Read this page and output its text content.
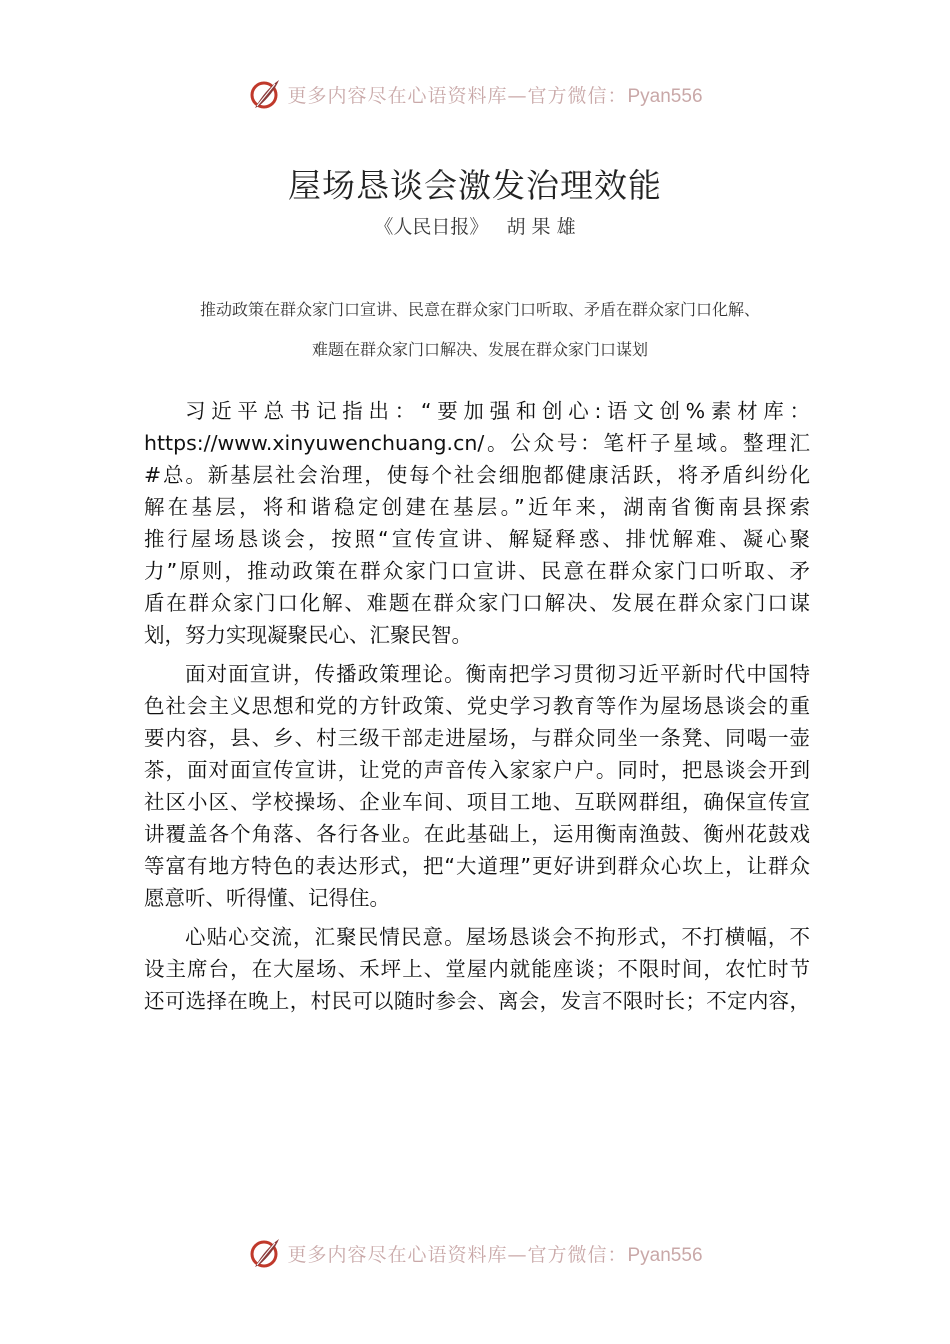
更多内容尽在心语资料库—官方微信：Pyan556
屋场恳谈会激发治理效能
《人民日报》   胡 果 雄
推动政策在群众家门口宣讲、民意在群众家门口听取、矛盾在群众家门口化解、
难题在群众家门口解决、发展在群众家门口谋划
习近平总书记指出：“要加强和创心:语文创%素材库：
https://www.xinyuwenchuang.cn/。公众号：笔杆子星域。整理汇
#总。新基层社会治理，使每个社会细胞都健康活跃，将矛盾纠纷化
解在基层，将和谐稳定创建在基层。”近年来，湖南省衡南县探索
推行屋场恳谈会，按照“宣传宣讲、解疑释惑、排忧解难、凝心聚
力”原则，推动政策在群众家门口宣讲、民意在群众家门口听取、矛
盾在群众家门口化解、难题在群众家门口解决、发展在群众家门口谋
划，努力实现凝聚民心、汇聚民智。
面对面宣讲，传播政策理论。衡南把学习贯彻习近平新时代中国特
色社会主义思想和党的方针政策、党史学习教育等作为屋场恳谈会的重
要内容，县、乡、村三级干部走进屋场，与群众同坐一条凳、同喝一壶
茶，面对面宣传宣讲，让党的声音传入家家户户。同时，把恳谈会开到
社区小区、学校操场、企业车间、项目工地、互联网群组，确保宣传宣
讲覆盖各个角落、各行各业。在此基础上，运用衡南渔鼓、衡州花鼓戏
等富有地方特色的表达形式，把“大道理”更好讲到群众心坎上，让群众
愿意听、听得懂、记得住。
心贴心交流，汇聚民情民意。屋场恳谈会不拘形式，不打横幅，不
设主席台，在大屋场、禾坪上、堂屋内就能座谈；不限时间，农忙时节
还可选择在晚上，村民可以随时参会、离会，发言不限时长；不定内容，
更多内容尽在心语资料库—官方微信：Pyan556
